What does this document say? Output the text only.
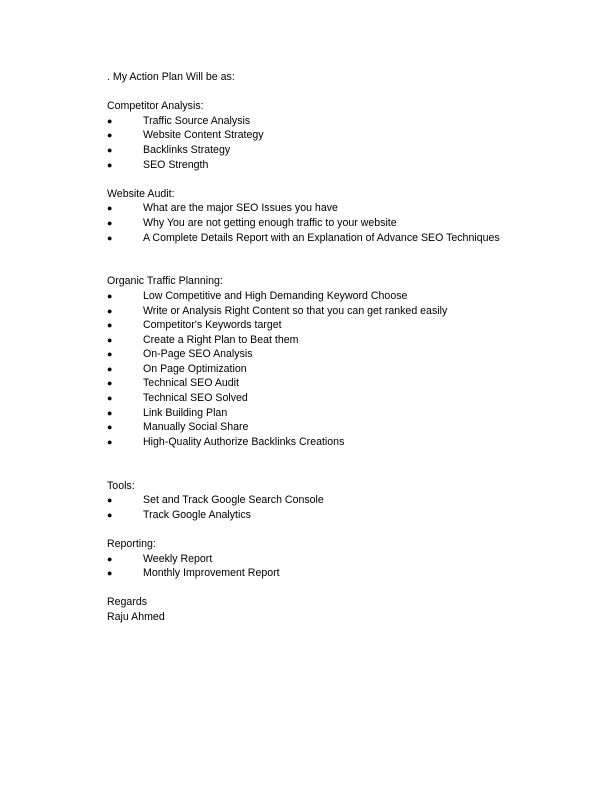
. My Action Plan Will be as:
Competitor Analysis:
●	Traffic Source Analysis
●	Website Content Strategy
●	Backlinks Strategy
●	SEO Strength
Website Audit:
●	What are the major SEO Issues you have
●	Why You are not getting enough traffic to your website
●	A Complete Details Report with an Explanation of Advance SEO Techniques
Organic Traffic Planning:
●	Low Competitive and High Demanding Keyword Choose
●	Write or Analysis Right Content so that you can get ranked easily
●	Competitor's Keywords target
●	Create a Right Plan to Beat them
●	On-Page SEO Analysis
●	On Page Optimization
●	Technical SEO Audit
●	Technical SEO Solved
●	Link Building Plan
●	Manually Social Share
●	High-Quality Authorize Backlinks Creations
Tools:
●	Set and Track Google Search Console
●	Track Google Analytics
Reporting:
●	Weekly Report
●	Monthly Improvement Report
Regards
Raju Ahmed
